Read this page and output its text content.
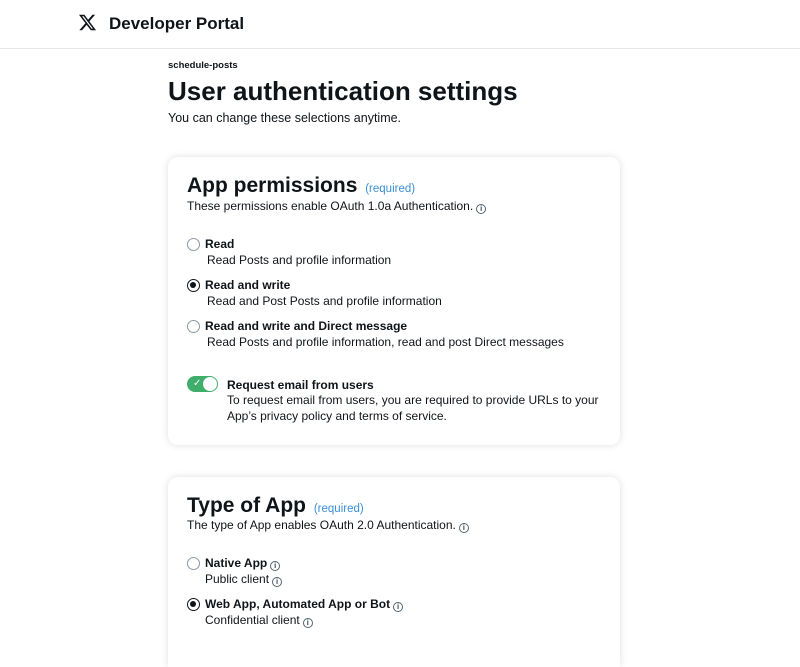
Developer Portal
schedule-posts
User authentication settings
You can change these selections anytime.
App permissions (required)
These permissions enable OAuth 1.0a Authentication. i
Read
Read Posts and profile information
Read and write
Read and Post Posts and profile information
Read and write and Direct message
Read Posts and profile information, read and post Direct messages
✓ Request email from users
To request email from users, you are required to provide URLs to your App’s privacy policy and terms of service.
Type of App (required)
The type of App enables OAuth 2.0 Authentication. i
Native App i
Public client i
Web App, Automated App or Bot i
Confidential client i
